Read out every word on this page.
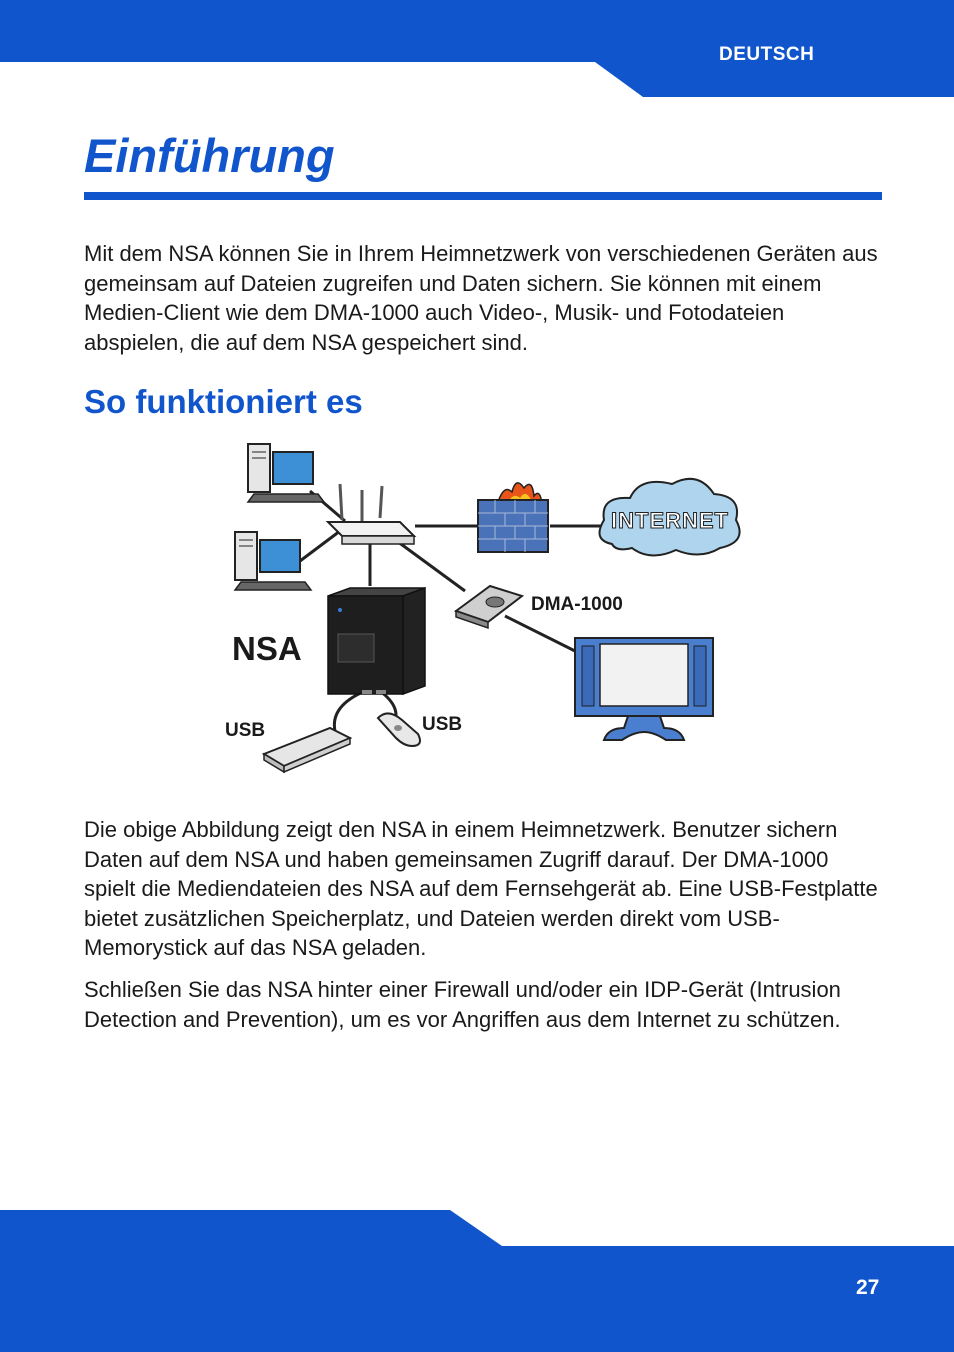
DEUTSCH
Einführung

Mit dem NSA können Sie in Ihrem Heimnetzwerk von verschiedenen Geräten aus gemeinsam auf Dateien zugreifen und Daten sichern. Sie können mit einem Medien-Client wie dem DMA-1000 auch Video-, Musik- und Fotodateien abspielen, die auf dem NSA gespeichert sind.

So funktioniert es
INTERNET
NSA
DMA-1000
USB	USB

Die obige Abbildung zeigt den NSA in einem Heimnetzwerk. Benutzer sichern Daten auf dem NSA und haben gemeinsamen Zugriff darauf. Der DMA-1000 spielt die Mediendateien des NSA auf dem Fernsehgerät ab. Eine USB-Festplatte bietet zusätzlichen Speicherplatz, und Dateien werden direkt vom USB-Memorystick auf das NSA geladen.

Schließen Sie das NSA hinter einer Firewall und/oder ein IDP-Gerät (Intrusion Detection and Prevention), um es vor Angriffen aus dem Internet zu schützen.

27
